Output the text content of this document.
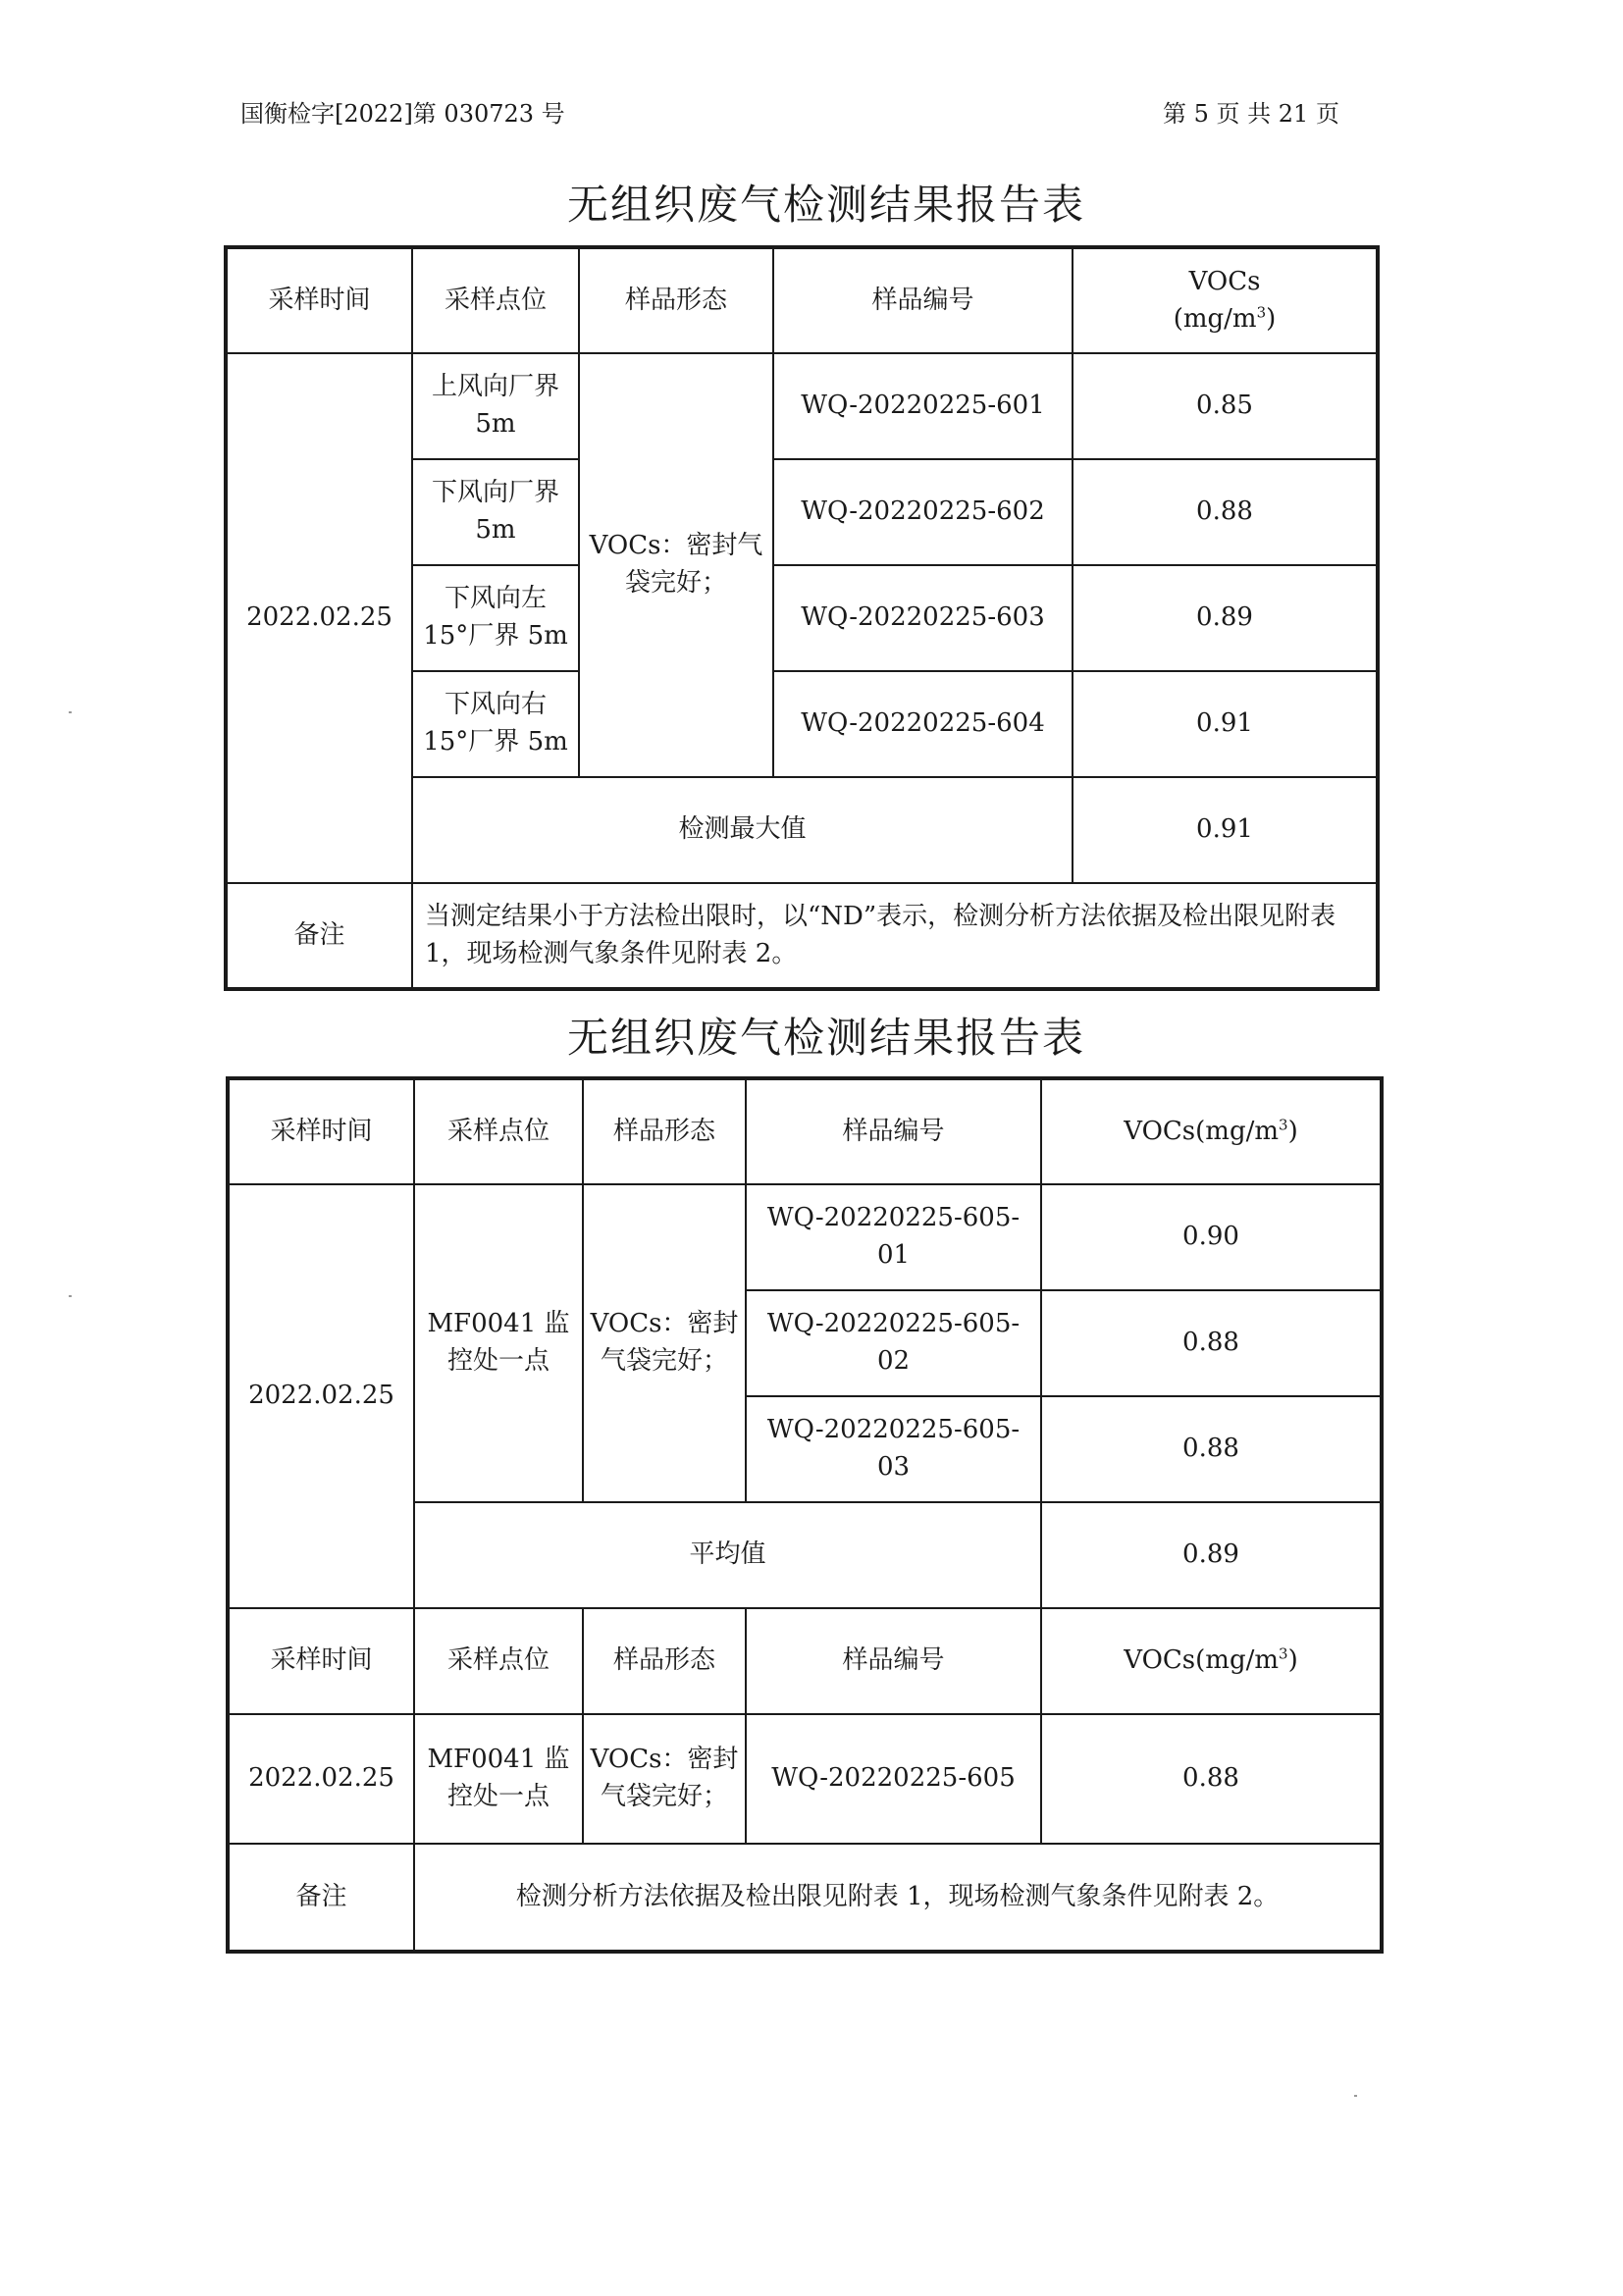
国衡检字[2022]第 030723 号	第 5 页 共 21 页
无组织废气检测结果报告表
采样时间	采样点位	样品形态	样品编号	VOCs
$(mg/m^3)$
2022.02.25	上风向厂界 5m	VOCs：密封气袋完好；	WQ-20220225-601	0.85
	下风向厂界 5m		WQ-20220225-602	0.88
	下风向左 15°厂界 5m		WQ-20220225-603	0.89
	下风向右 15°厂界 5m		WQ-20220225-604	0.91
	检测最大值			0.91
备注	当测定结果小于方法检出限时，以“ND”表示，检测分析方法依据及检出限见附表 1，现场检测气象条件见附表 2。			
无组织废气检测结果报告表
采样时间	采样点位	样品形态	样品编号	$VOCs(mg/m^3)$
2022.02.25	MF0041 监控处一点	VOCs：密封气袋完好；	WQ-20220225-605-01	0.90
			WQ-20220225-605-02	0.88
			WQ-20220225-605-03	0.88
	平均值			0.89
采样时间	采样点位	样品形态	样品编号	$VOCs(mg/m^3)$
2022.02.25	MF0041 监控处一点	VOCs：密封气袋完好；	WQ-20220225-605	0.88
备注	检测分析方法依据及检出限见附表 1，现场检测气象条件见附表 2。			
